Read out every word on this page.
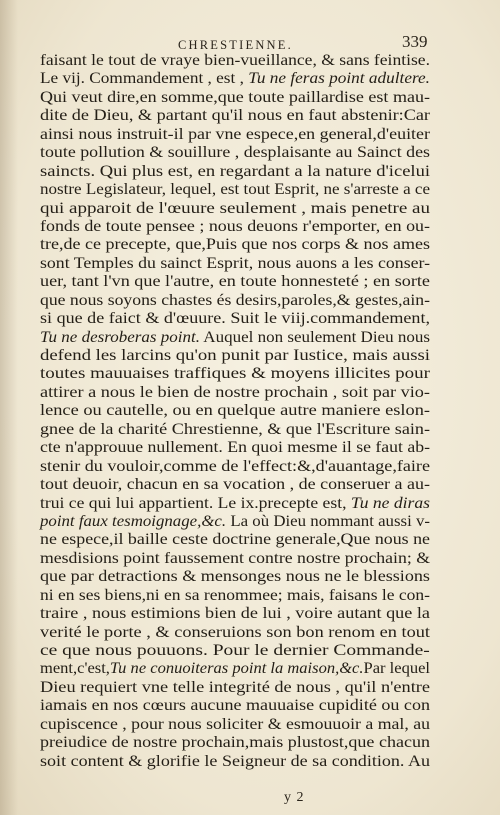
CHRESTIENNE.	339
faisant le tout de vraye bien-vueillance, & sans feintise.
Le vij. Commandement , est , Tu ne feras point adultere.
Qui veut dire,en somme,que toute paillardise est mau-
dite de Dieu, & partant qu'il nous en faut abstenir:Car
ainsi nous instruit-il par vne espece,en general,d'euiter
toute pollution & souillure , desplaisante au Sainct des
saincts. Qui plus est, en regardant a la nature d'icelui
nostre Legislateur, lequel, est tout Esprit, ne s'arreste a ce
qui apparoit de l'œuure seulement , mais penetre au
fonds de toute pensee ; nous deuons r'emporter, en ou-
tre,de ce precepte, que,Puis que nos corps & nos ames
sont Temples du sainct Esprit, nous auons a les conser-
uer, tant l'vn que l'autre, en toute honnesteté ; en sorte
que nous soyons chastes és desirs,paroles,& gestes,ain-
si que de faict & d'œuure. Suit le viij.commandement,
Tu ne desroberas point. Auquel non seulement Dieu nous
defend les larcins qu'on punit par Iustice, mais aussi
toutes mauuaises traffiques & moyens illicites pour
attirer a nous le bien de nostre prochain , soit par vio-
lence ou cautelle, ou en quelque autre maniere eslon-
gnee de la charité Chrestienne, & que l'Escriture sain-
cte n'approuue nullement. En quoi mesme il se faut ab-
stenir du vouloir,comme de l'effect:&,d'auantage,faire
tout deuoir, chacun en sa vocation , de conseruer a au-
trui ce qui lui appartient. Le ix.precepte est, Tu ne diras
point faux tesmoignage,&c. La où Dieu nommant aussi v-
ne espece,il baille ceste doctrine generale,Que nous ne
mesdisions point faussement contre nostre prochain; &
que par detractions & mensonges nous ne le blessions
ni en ses biens,ni en sa renommee; mais, faisans le con-
traire , nous estimions bien de lui , voire autant que la
verité le porte , & conseruions son bon renom en tout
ce que nous pouuons. Pour le dernier Commande-
ment,c'est,Tu ne conuoiteras point la maison,&c.Par lequel
Dieu requiert vne telle integrité de nous , qu'il n'entre
iamais en nos cœurs aucune mauuaise cupidité ou con
cupiscence , pour nous soliciter & esmouuoir a mal, au
preiudice de nostre prochain,mais plustost,que chacun
soit content & glorifie le Seigneur de sa condition. Au
y 2
